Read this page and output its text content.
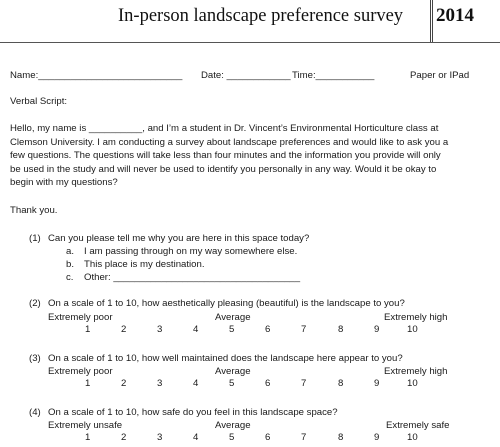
In-person landscape preference survey 2014
Name:___________________________ Date: ____________ Time:___________	Paper or IPad
Verbal Script:

Hello, my name is __________, and I’m a student in Dr. Vincent’s Environmental Horticulture class at

Clemson University. I am conducting a survey about landscape preferences and would like to ask you a

few questions. The questions will take less than four minutes and the information you provide will only

be used in the study and will never be used to identify you personally in any way. Would it be okay to

begin with my questions?

Thank you.
(1) Can you please tell me why you are here in this space today?
a. I am passing through on my way somewhere else.
b. This place is my destination.
c. Other: ___________________________________
(2) On a scale of 1 to 10, how aesthetically pleasing (beautiful) is the landscape to you?
Extremely poor	Average	Extremely high
1	2	3	4	5	6	7	8	9	10
(3) On a scale of 1 to 10, how well maintained does the landscape here appear to you?
Extremely poor	Average	Extremely high
1	2	3	4	5	6	7	8	9	10
(4) On a scale of 1 to 10, how safe do you feel in this landscape space?
Extremely unsafe	Average	Extremely safe
1	2	3	4	5	6	7	8	9	10
